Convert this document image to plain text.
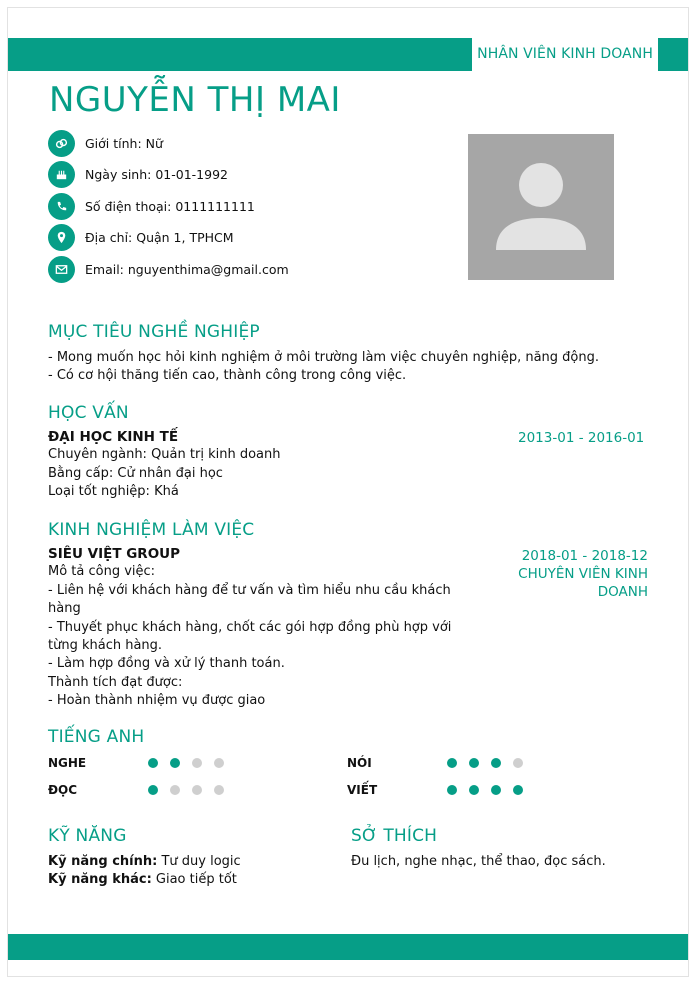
NHÂN VIÊN KINH DOANH
NGUYỄN THỊ MAI
Giới tính: Nữ
Ngày sinh: 01-01-1992
Số điện thoại: 0111111111
Địa chỉ: Quận 1, TPHCM
Email: nguyenthima@gmail.com
MỤC TIÊU NGHỀ NGHIỆP
- Mong muốn học hỏi kinh nghiệm ở môi trường làm việc chuyên nghiệp, năng động.
- Có cơ hội thăng tiến cao, thành công trong công việc.
HỌC VẤN
ĐẠI HỌC KINH TẾ
Chuyên ngành: Quản trị kinh doanh
Bằng cấp: Cử nhân đại học
Loại tốt nghiệp: Khá
2013-01 - 2016-01
KINH NGHIỆM LÀM VIỆC
SIÊU VIỆT GROUP
Mô tả công việc:
- Liên hệ với khách hàng để tư vấn và tìm hiểu nhu cầu khách
hàng
- Thuyết phục khách hàng, chốt các gói hợp đồng phù hợp với
từng khách hàng.
- Làm hợp đồng và xử lý thanh toán.
Thành tích đạt được:
- Hoàn thành nhiệm vụ được giao
2018-01 - 2018-12
CHUYÊN VIÊN KINH
DOANH
TIẾNG ANH
NGHE	NÓI
ĐỌC	VIẾT
KỸ NĂNG
Kỹ năng chính: Tư duy logic
Kỹ năng khác: Giao tiếp tốt
SỞ THÍCH
Đu lịch, nghe nhạc, thể thao, đọc sách.
